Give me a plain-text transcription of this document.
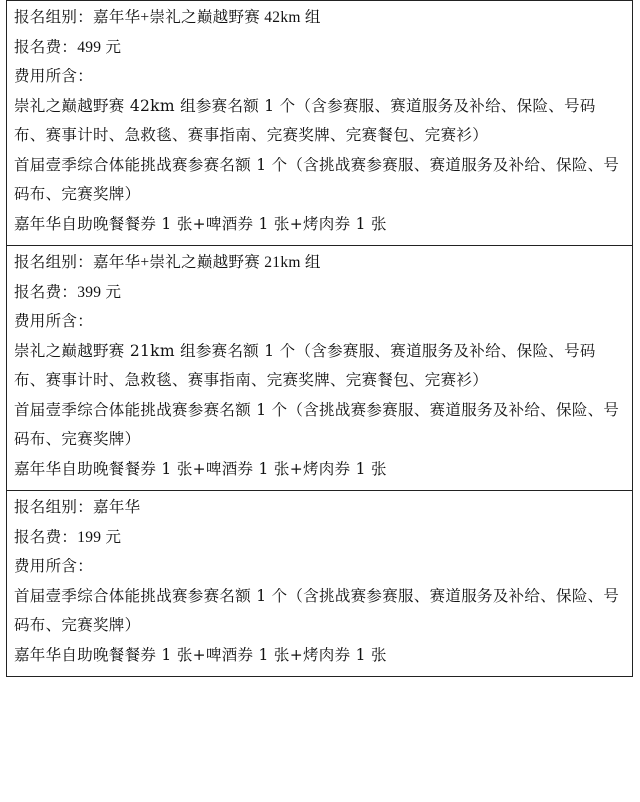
报名组别：嘉年华+崇礼之巅越野赛 42km 组
报名费：499 元
费用所含：
崇礼之巅越野赛 42km 组参赛名额 1 个（含参赛服、赛道服务及补给、保险、号码布、赛事计时、急救毯、赛事指南、完赛奖牌、完赛餐包、完赛衫）
首届壹季综合体能挑战赛参赛名额 1 个（含挑战赛参赛服、赛道服务及补给、保险、号码布、完赛奖牌）
嘉年华自助晚餐餐券 1 张+啤酒券 1 张+烤肉券 1 张

报名组别：嘉年华+崇礼之巅越野赛 21km 组
报名费：399 元
费用所含：
崇礼之巅越野赛 21km 组参赛名额 1 个（含参赛服、赛道服务及补给、保险、号码布、赛事计时、急救毯、赛事指南、完赛奖牌、完赛餐包、完赛衫）
首届壹季综合体能挑战赛参赛名额 1 个（含挑战赛参赛服、赛道服务及补给、保险、号码布、完赛奖牌）
嘉年华自助晚餐餐券 1 张+啤酒券 1 张+烤肉券 1 张

报名组别：嘉年华
报名费：199 元
费用所含：
首届壹季综合体能挑战赛参赛名额 1 个（含挑战赛参赛服、赛道服务及补给、保险、号码布、完赛奖牌）
嘉年华自助晚餐餐券 1 张+啤酒券 1 张+烤肉券 1 张
